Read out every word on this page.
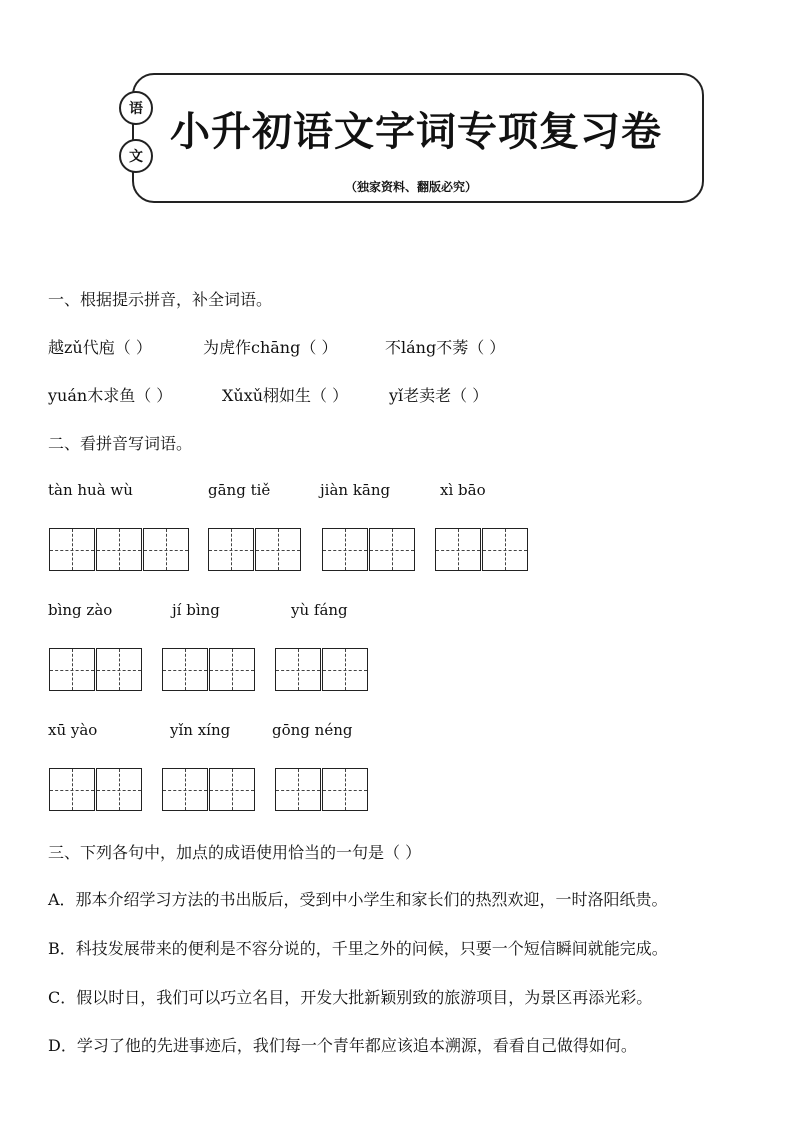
语
文
小升初语文字词专项复习卷
（独家资料、翻版必究）
一、根据提示拼音，补全词语。
越zǔ代庖（ ）	为虎作chāng（ ）	不láng不莠（ ）
yuán木求鱼（ ）	Xǔxǔ栩如生（ ）	yǐ老卖老（ ）
二、看拼音写词语。
tàn huà wù	gāng tiě	jiàn kāng	xì bāo
bìng zào	jí bìng	yù fáng
xū yào	yǐn xíng	gōng néng
三、下列各句中，加点的成语使用恰当的一句是（ ）
A．那本介绍学习方法的书出版后，受到中小学生和家长们的热烈欢迎，一时洛阳纸贵。
B．科技发展带来的便利是不容分说的，千里之外的问候，只要一个短信瞬间就能完成。
C．假以时日，我们可以巧立名目，开发大批新颖别致的旅游项目，为景区再添光彩。
D．学习了他的先进事迹后，我们每一个青年都应该追本溯源，看看自己做得如何。
